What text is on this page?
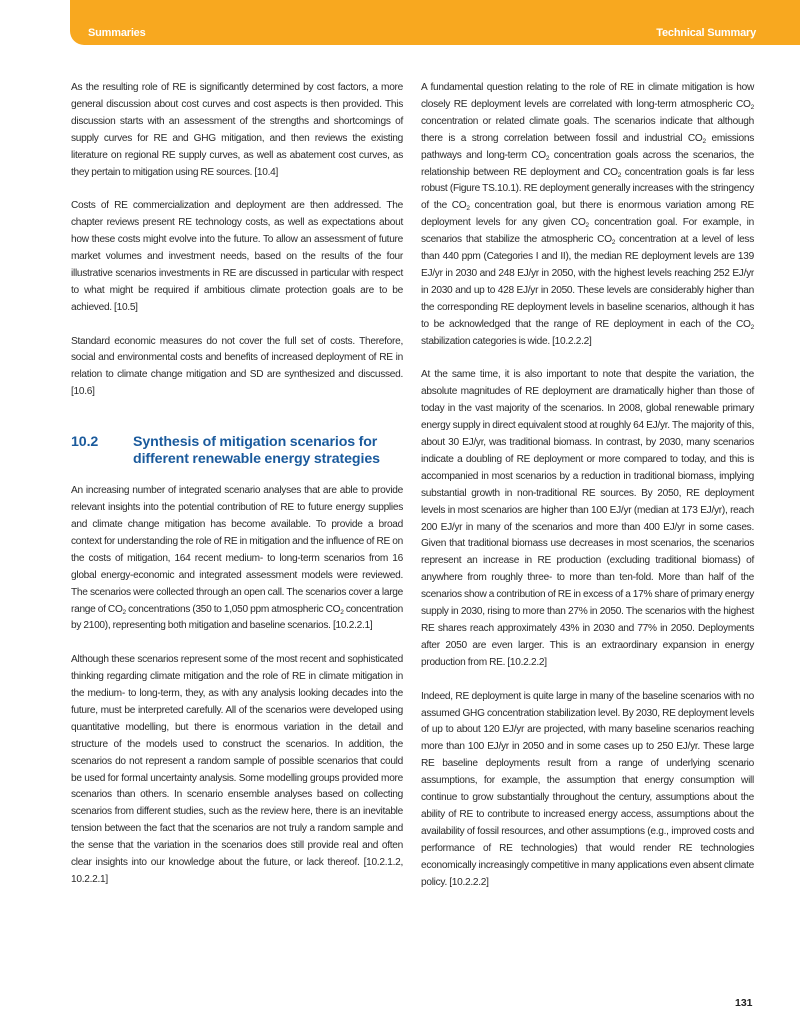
Summaries	Technical Summary

As the resulting role of RE is significantly determined by cost factors, a more general discussion about cost curves and cost aspects is then provided. This discussion starts with an assessment of the strengths and shortcomings of supply curves for RE and GHG mitigation, and then reviews the existing literature on regional RE supply curves, as well as abatement cost curves, as they pertain to mitigation using RE sources. [10.4]

Costs of RE commercialization and deployment are then addressed. The chapter reviews present RE technology costs, as well as expectations about how these costs might evolve into the future. To allow an assessment of future market volumes and investment needs, based on the results of the four illustrative scenarios investments in RE are discussed in particular with respect to what might be required if ambitious climate protection goals are to be achieved. [10.5]

Standard economic measures do not cover the full set of costs. Therefore, social and environmental costs and benefits of increased deployment of RE in relation to climate change mitigation and SD are synthesized and discussed. [10.6]

10.2	Synthesis of mitigation scenarios for different renewable energy strategies

An increasing number of integrated scenario analyses that are able to provide relevant insights into the potential contribution of RE to future energy supplies and climate change mitigation has become available. To provide a broad context for understanding the role of RE in mitigation and the influence of RE on the costs of mitigation, 164 recent medium- to long-term scenarios from 16 global energy-economic and integrated assessment models were reviewed. The scenarios were collected through an open call. The scenarios cover a large range of $CO_2$ concentrations (350 to 1,050 ppm atmospheric $CO_2$ concentration by 2100), representing both mitigation and baseline scenarios. [10.2.2.1]

Although these scenarios represent some of the most recent and sophisticated thinking regarding climate mitigation and the role of RE in climate mitigation in the medium- to long-term, they, as with any analysis looking decades into the future, must be interpreted carefully. All of the scenarios were developed using quantitative modelling, but there is enormous variation in the detail and structure of the models used to construct the scenarios. In addition, the scenarios do not represent a random sample of possible scenarios that could be used for formal uncertainty analysis. Some modelling groups provided more scenarios than others. In scenario ensemble analyses based on collecting scenarios from different studies, such as the review here, there is an inevitable tension between the fact that the scenarios are not truly a random sample and the sense that the variation in the scenarios does still provide real and often clear insights into our knowledge about the future, or lack thereof. [10.2.1.2, 10.2.2.1]

A fundamental question relating to the role of RE in climate mitigation is how closely RE deployment levels are correlated with long-term atmospheric $CO_2$ concentration or related climate goals. The scenarios indicate that although there is a strong correlation between fossil and industrial $CO_2$ emissions pathways and long-term $CO_2$ concentration goals across the scenarios, the relationship between RE deployment and $CO_2$ concentration goals is far less robust (Figure TS.10.1). RE deployment generally increases with the stringency of the $CO_2$ concentration goal, but there is enormous variation among RE deployment levels for any given $CO_2$ concentration goal. For example, in scenarios that stabilize the atmospheric $CO_2$ concentration at a level of less than 440 ppm (Categories I and II), the median RE deployment levels are 139 EJ/yr in 2030 and 248 EJ/yr in 2050, with the highest levels reaching 252 EJ/yr in 2030 and up to 428 EJ/yr in 2050. These levels are considerably higher than the corresponding RE deployment levels in baseline scenarios, although it has to be acknowledged that the range of RE deployment in each of the $CO_2$ stabilization categories is wide. [10.2.2.2]

At the same time, it is also important to note that despite the variation, the absolute magnitudes of RE deployment are dramatically higher than those of today in the vast majority of the scenarios. In 2008, global renewable primary energy supply in direct equivalent stood at roughly 64 EJ/yr. The majority of this, about 30 EJ/yr, was traditional biomass. In contrast, by 2030, many scenarios indicate a doubling of RE deployment or more compared to today, and this is accompanied in most scenarios by a reduction in traditional biomass, implying substantial growth in non-traditional RE sources. By 2050, RE deployment levels in most scenarios are higher than 100 EJ/yr (median at 173 EJ/yr), reach 200 EJ/yr in many of the scenarios and more than 400 EJ/yr in some cases. Given that traditional biomass use decreases in most scenarios, the scenarios represent an increase in RE production (excluding traditional biomass) of anywhere from roughly three- to more than ten-fold. More than half of the scenarios show a contribution of RE in excess of a 17% share of primary energy supply in 2030, rising to more than 27% in 2050. The scenarios with the highest RE shares reach approximately 43% in 2030 and 77% in 2050. Deployments after 2050 are even larger. This is an extraordinary expansion in energy production from RE. [10.2.2.2]

Indeed, RE deployment is quite large in many of the baseline scenarios with no assumed GHG concentration stabilization level. By 2030, RE deployment levels of up to about 120 EJ/yr are projected, with many baseline scenarios reaching more than 100 EJ/yr in 2050 and in some cases up to 250 EJ/yr. These large RE baseline deployments result from a range of underlying scenario assumptions, for example, the assumption that energy consumption will continue to grow substantially throughout the century, assumptions about the ability of RE to contribute to increased energy access, assumptions about the availability of fossil resources, and other assumptions (e.g., improved costs and performance of RE technologies) that would render RE technologies economically increasingly competitive in many applications even absent climate policy. [10.2.2.2]

131
